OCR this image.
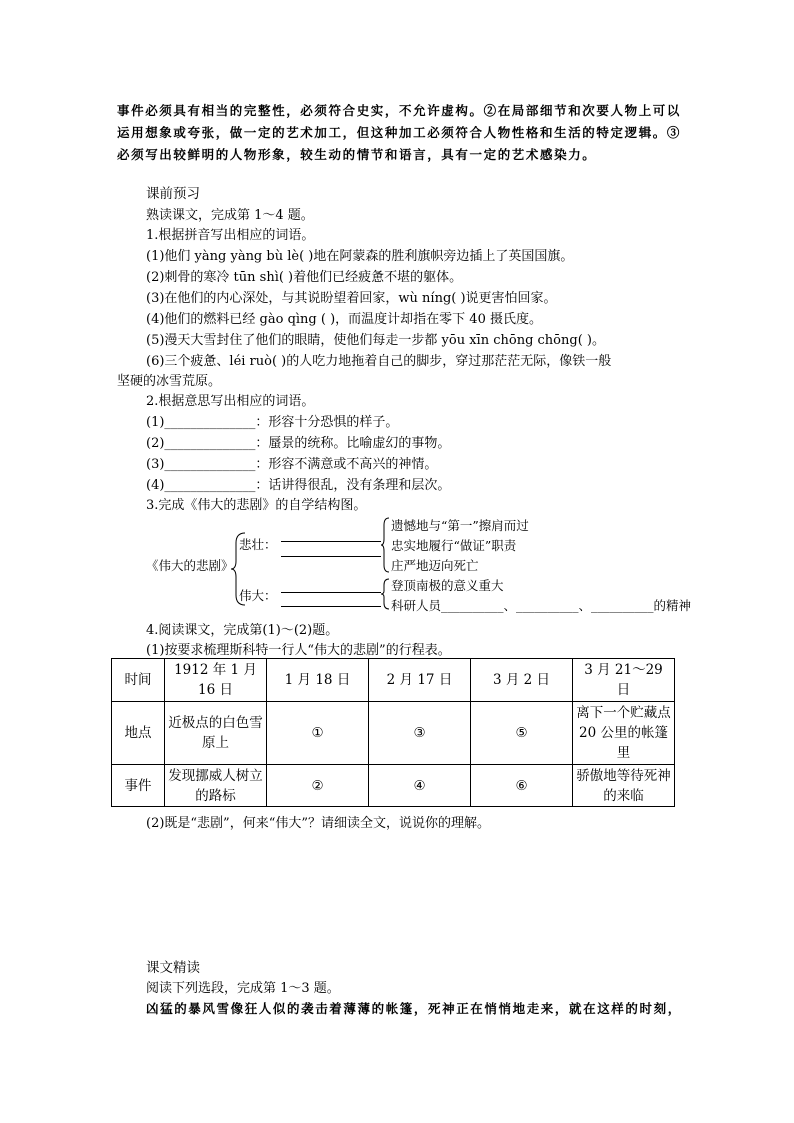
事件必须具有相当的完整性，必须符合史实，不允许虚构。②在局部细节和次要人物上可以
运用想象或夸张，做一定的艺术加工，但这种加工必须符合人物性格和生活的特定逻辑。③
必须写出较鲜明的人物形象，较生动的情节和语言，具有一定的艺术感染力。
课前预习
熟读课文，完成第 1～4 题。
1.根据拼音写出相应的词语。
(1)他们 yàng yàng bù lè( )地在阿蒙森的胜利旗帜旁边插上了英国国旗。
(2)刺骨的寒冷 tūn shì( )着他们已经疲惫不堪的躯体。
(3)在他们的内心深处，与其说盼望着回家，wù níng( )说更害怕回家。
(4)他们的燃料已经 gào qìng ( )，而温度计却指在零下 40 摄氏度。
(5)漫天大雪封住了他们的眼睛，使他们每走一步都 yōu xīn chōng chōng( )。
(6)三个疲惫、léi ruò( )的人吃力地拖着自己的脚步，穿过那茫茫无际，像铁一般
坚硬的冰雪荒原。
2.根据意思写出相应的词语。
(1)______________：形容十分恐惧的样子。
(2)______________：蜃景的统称。比喻虚幻的事物。
(3)______________：形容不满意或不高兴的神情。
(4)______________：话讲得很乱，没有条理和层次。
3.完成《伟大的悲剧》的自学结构图。
《伟大的悲剧》
悲壮：
遗憾地与“第一”擦肩而过
忠实地履行“做证”职责
庄严地迈向死亡
伟大：
登顶南极的意义重大
科研人员__________、__________、__________的精神
4.阅读课文，完成第(1)～(2)题。
(1)按要求梳理斯科特一行人“伟大的悲剧”的行程表。
时间	1912 年 1 月 16 日	1 月 18 日	2 月 17 日	3 月 2 日	3 月 21～29 日
地点	近极点的白色雪原上	①	③	⑤	离下一个贮藏点 20 公里的帐篷里
事件	发现挪威人树立的路标	②	④	⑥	骄傲地等待死神的来临
(2)既是“悲剧”，何来“伟大”？请细读全文，说说你的理解。
课文精读
阅读下列选段，完成第 1～3 题。
凶猛的暴风雪像狂人似的袭击着薄薄的帐篷，死神正在悄悄地走来，就在这样的时刻，
